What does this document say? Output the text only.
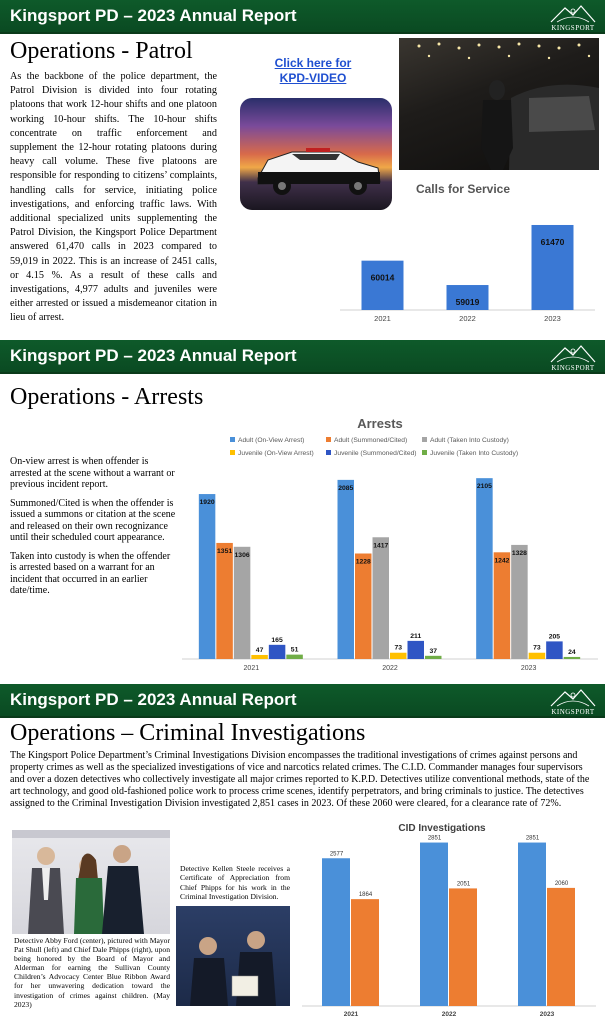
Kingsport PD – 2023 Annual Report
KINGSPORT
Operations - Patrol
As the backbone of the police department, the Patrol Division is divided into four rotating platoons that work 12-hour shifts and one platoon working 10-hour shifts. The 10-hour shifts concentrate on traffic enforcement and supplement the 12-hour rotating platoons during heavy call volume. These five platoons are responsible for responding to citizens’ complaints, handling calls for service, initiating police investigations, and enforcing traffic laws. With additional specialized units supplementing the Patrol Division, the Kingsport Police Department answered 61,470 calls in 2023 compared to 59,019 in 2022. This is an increase of 2451 calls, or 4.15 %. As a result of these calls and investigations, 4,977 adults and juveniles were either arrested or issued a misdemeanor citation in lieu of arrest.
Click here for KPD-VIDEO
Calls for Service
60014
2021
59019
2022
61470
2023
Kingsport PD – 2023 Annual Report
KINGSPORT
Operations - Arrests

On-view arrest is when offender is arrested at the scene without a warrant or previous incident report.

Summoned/Cited is when the offender is issued a summons or citation at the scene and released on their own recognizance until their scheduled court appearance.

Taken into custody is when the offender is arrested based on a warrant for an incident that occurred in an earlier date/time.

Arrests
Adult (On-View Arrest)	Adult (Summoned/Cited)	Adult (Taken Into Custody)
Juvenile (On-View Arrest)	Juvenile (Summoned/Cited) Juvenile (Taken Into Custody)
1920
1351
1306
47
165
51
2021
2085
1228
1417
73
211
37
2022
2105
1242
1328
73
205
24
2023
Kingsport PD – 2023 Annual Report
KINGSPORT
Operations – Criminal Investigations
The Kingsport Police Department’s Criminal Investigations Division encompasses the traditional investigations of crimes against persons and property crimes as well as the specialized investigations of vice and narcotics related crimes. The C.I.D. Commander manages four supervisors and over a dozen detectives who collectively investigate all major crimes reported to K.P.D. Detectives utilize conventional methods, state of the art technology, and good old-fashioned police work to process crime scenes, identify perpetrators, and bring criminals to justice. The detectives assigned to the Criminal Investigation Division investigated 2,851 cases in 2023. Of these 2060 were cleared, for a clearance rate of 72%.
Detective Abby Ford (center), pictured with Mayor Pat Shull (left) and Chief Dale Phipps (right), upon being honored by the Board of Mayor and Alderman for earning the Sullivan County Children’s Advocacy Center Blue Ribbon Award for her unwavering dedication toward the investigation of crimes against children. (May 2023)
Detective Kellen Steele receives a Certificate of Appreciation from Chief Phipps for his work in the Criminal Investigation Division.
CID Investigations
2577
1864
2021
2851
2051
2022
2851
2060
2023
